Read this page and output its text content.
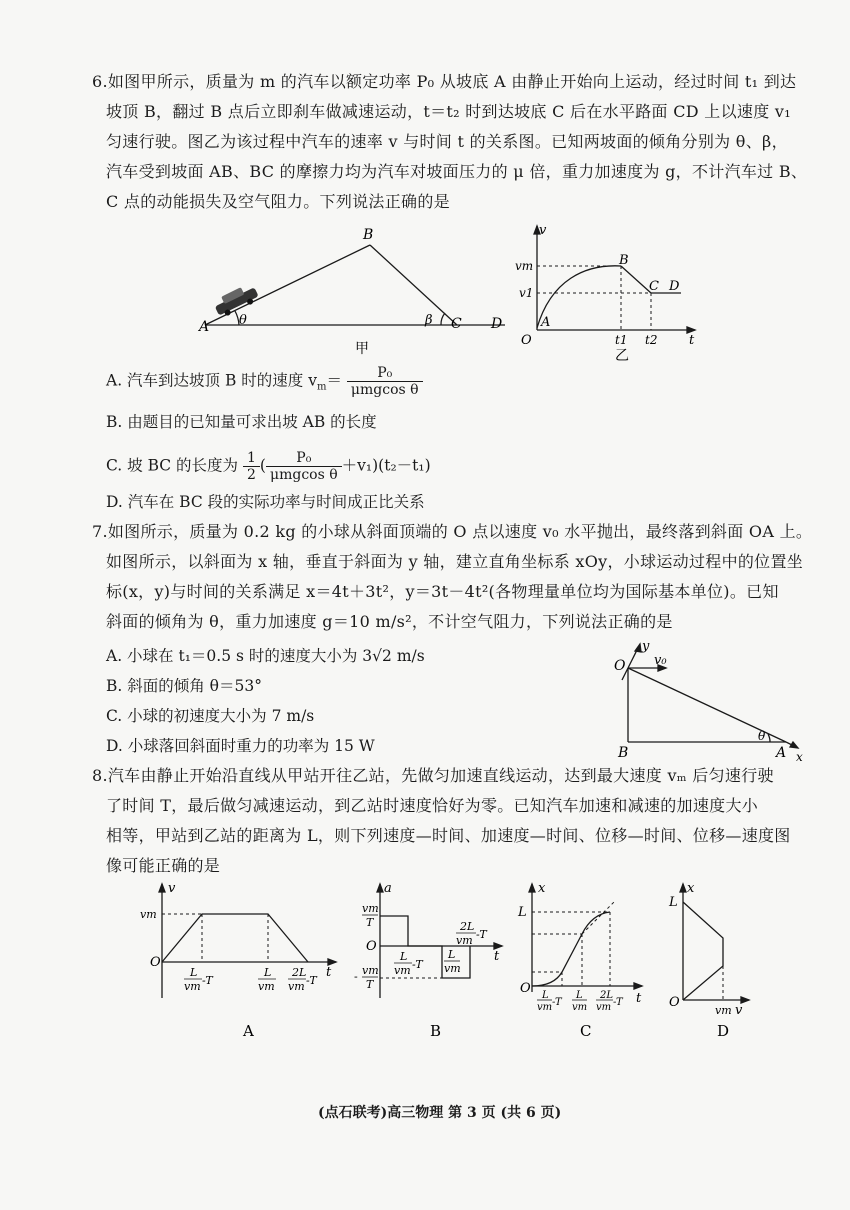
6.如图甲所示，质量为 m 的汽车以额定功率 P₀ 从坡底 A 由静止开始向上运动，经过时间 t₁ 到达
坡顶 B，翻过 B 点后立即刹车做减速运动，t＝t₂ 时到达坡底 C 后在水平路面 CD 上以速度 v₁
匀速行驶。图乙为该过程中汽车的速率 v 与时间 t 的关系图。已知两坡面的倾角分别为 θ、β，
汽车受到坡面 AB、BC 的摩擦力均为汽车对坡面压力的 μ 倍，重力加速度为 g，不计汽车过 B、
C 点的动能损失及空气阻力。下列说法正确的是
A
B
C D
θ	β
甲
v
t
O
vm
v1
A
B
C D
t1 t2
乙
A. 汽车到达坡顶 B 时的速度 $v_m= \frac{\text{P₀}}{\text{μmgcos θ}}$
B. 由题目的已知量可求出坡 AB 的长度
C. 坡 BC 的长度为 $\frac{1}{2}$ ( $\frac{\text{P₀}}{\text{μmgcos θ}} +v_1)(t_2-t_1)$
D. 汽车在 BC 段的实际功率与时间成正比关系
7.如图所示，质量为 0.2 kg 的小球从斜面顶端的 O 点以速度 v₀ 水平抛出，最终落到斜面 OA 上。
如图所示，以斜面为 x 轴，垂直于斜面为 y 轴，建立直角坐标系 xOy，小球运动过程中的位置坐
标(x，y)与时间的关系满足 x＝4t＋3t²，y＝3t－4t²(各物理量单位均为国际基本单位)。已知
斜面的倾角为 θ，重力加速度 g＝10 m/s²，不计空气阻力，下列说法正确的是
A. 小球在 t₁＝0.5 s 时的速度大小为 3√2 m/s
B. 斜面的倾角 θ＝53°
C. 小球的初速度大小为 7 m/s
D. 小球落回斜面时重力的功率为 15 W
O
y
v₀
B	A x
θ
8.汽车由静止开始沿直线从甲站开往乙站，先做匀加速直线运动，达到最大速度 vₘ 后匀速行驶
了时间 T，最后做匀减速运动，到乙站时速度恰好为零。已知汽车加速和减速的加速度大小
相等，甲站到乙站的距离为 L，则下列速度—时间、加速度—时间、位移—时间、位移—速度图
像可能正确的是
v
t
O
vm
L
vm -T
L
vm
2L
vm -T
A
a
t
O
vm
T
- vm
T
L
vm -T
L
vm
2L
vm -T
B
x
t
O
L
L
vm -T
L
vm
2L
vm -T
C
x
v
O
L
vm
D
(点石联考)高三物理 第 3 页 (共 6 页)
